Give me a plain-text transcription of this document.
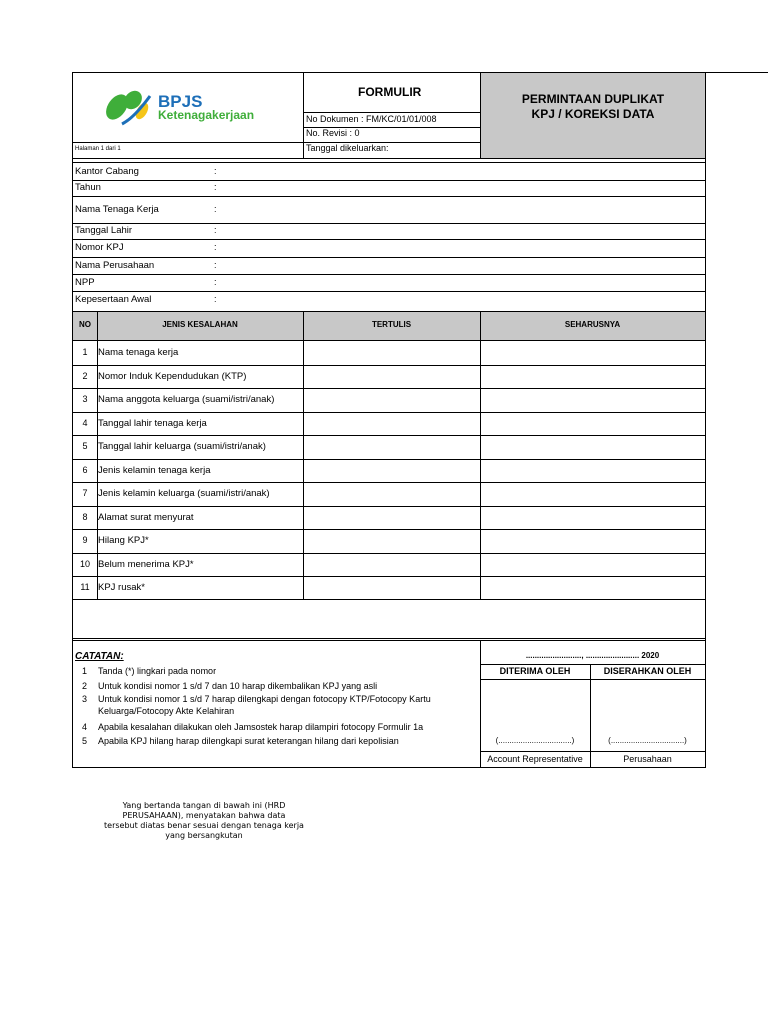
BPJS
Ketenagakerjaan
FORMULIR
No Dokumen : FM/KC/01/01/008
No. Revisi : 0
Tanggal dikeluarkan:
Halaman 1 dari 1
PERMINTAAN DUPLIKAT
KPJ / KOREKSI DATA
Kantor Cabang	:
Tahun	:
Nama Tenaga Kerja	:
Tanggal Lahir	:
Nomor KPJ	:
Nama Perusahaan	:
NPP	:
Kepesertaan Awal	:
NO	JENIS KESALAHAN	TERTULIS	SEHARUSNYA
1	Nama tenaga kerja
2	Nomor Induk Kependudukan (KTP)
3	Nama anggota keluarga (suami/istri/anak)
4	Tanggal lahir tenaga kerja
5	Tanggal lahir keluarga (suami/istri/anak)
6	Jenis kelamin tenaga kerja
7	Jenis kelamin keluarga (suami/istri/anak)
8	Alamat surat menyurat
9	Hilang KPJ*
10 Belum menerima KPJ*
11 KPJ rusak*
CATATAN:
1 Tanda (*) lingkari pada nomor
2 Untuk kondisi nomor 1 s/d 7 dan 10 harap dikembalikan KPJ yang asli
3 Untuk kondisi nomor 1 s/d 7 harap dilengkapi dengan fotocopy KTP/Fotocopy Kartu
Keluarga/Fotocopy Akte Kelahiran
4 Apabila kesalahan dilakukan oleh Jamsostek harap dilampiri fotocopy Formulir 1a
5 Apabila KPJ hilang harap dilengkapi surat keterangan hilang dari kepolisian
........................., ........................ 2020
DITERIMA OLEH	DISERAHKAN OLEH
(.................................)	(.................................)
Account Representative	Perusahaan
Yang bertanda tangan di bawah ini (HRD
PERUSAHAAN), menyatakan bahwa data
tersebut diatas benar sesuai dengan tenaga kerja
yang bersangkutan
